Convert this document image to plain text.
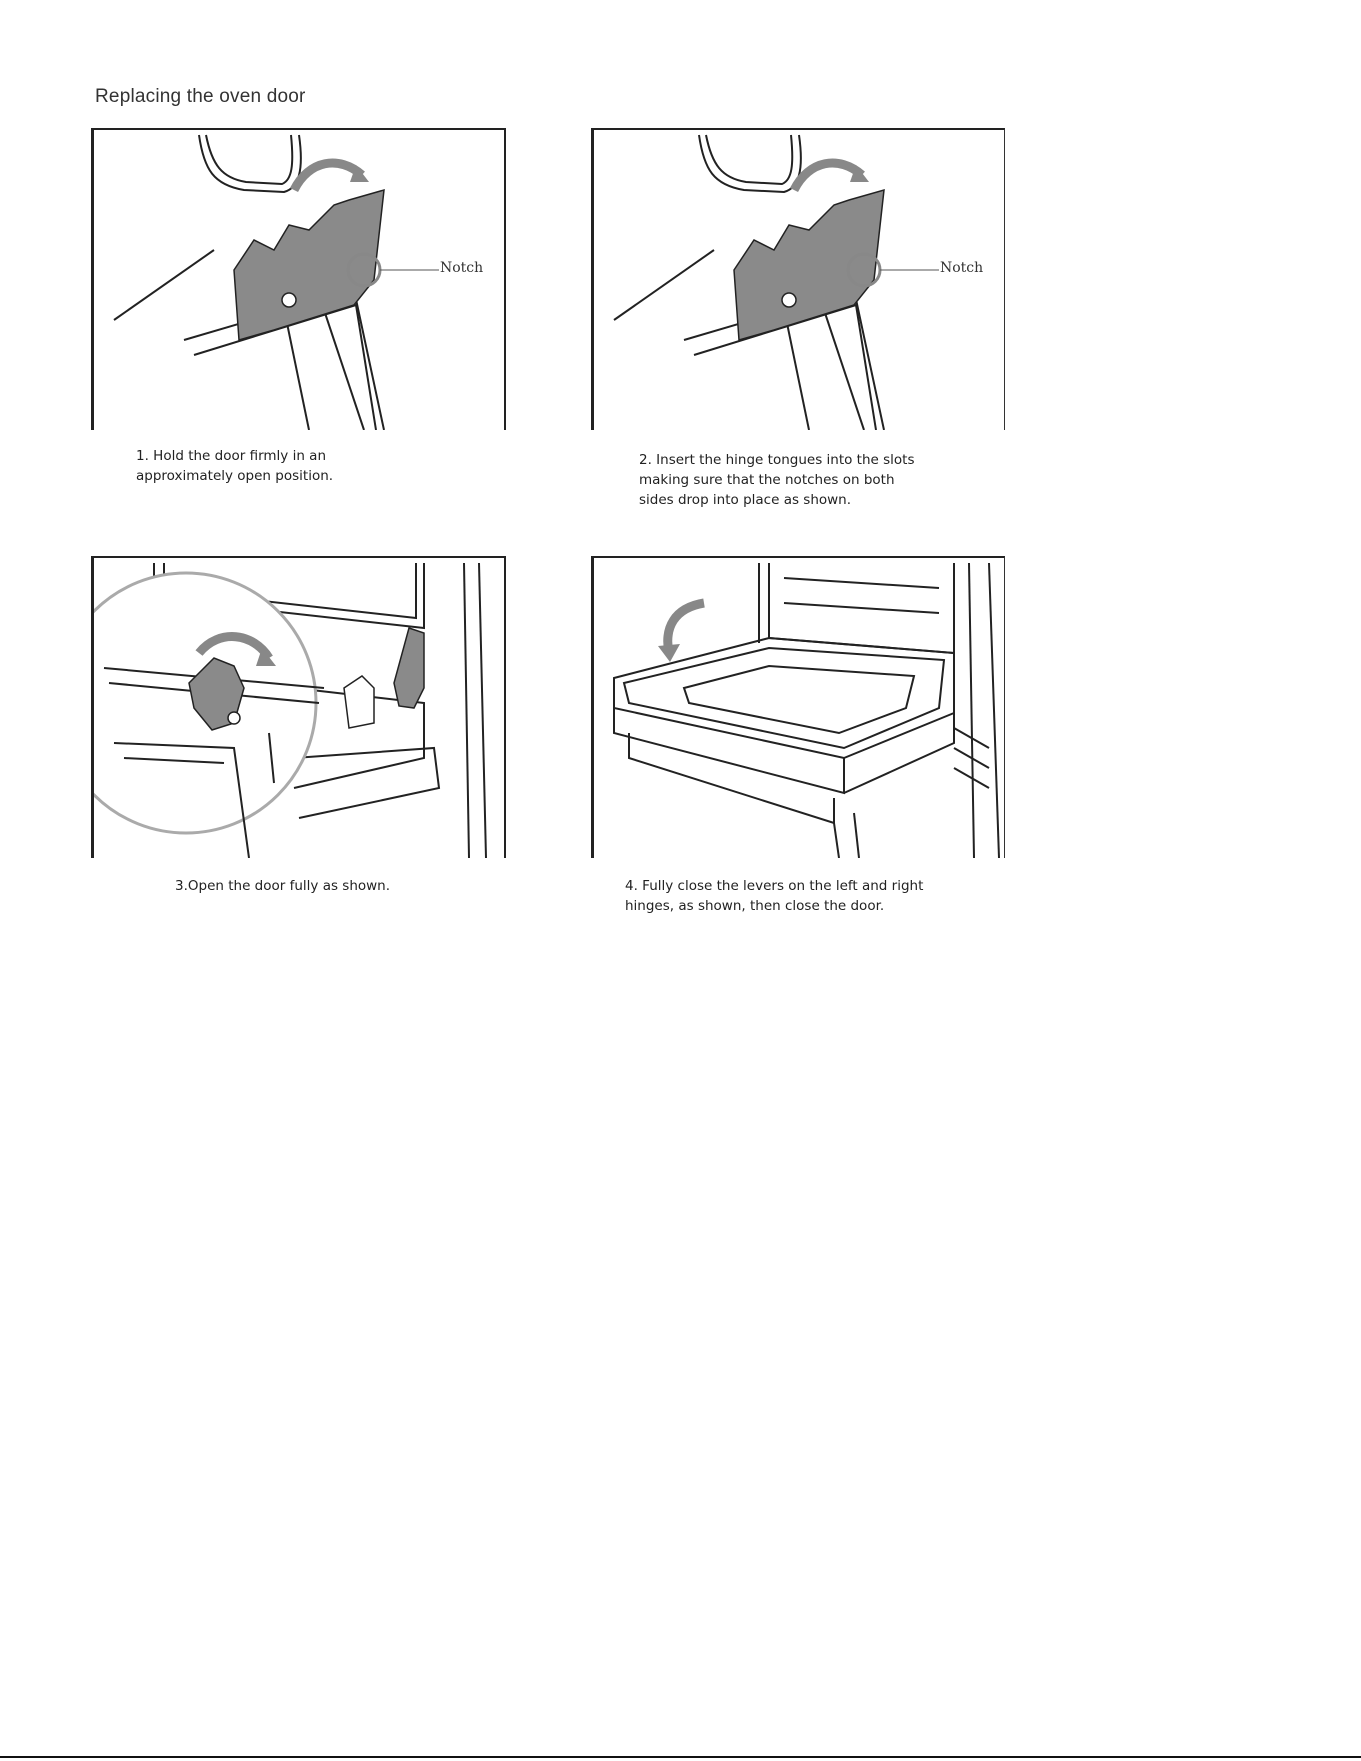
Replacing the oven door
Notch
1. Hold the door firmly in an
approximately open position.
Notch
2. Insert the hinge tongues into the slots
making sure that the notches on both
sides drop into place as shown.
3.Open the door fully as shown.	4. Fully close the levers on the left and right
hinges, as shown, then close the door.
